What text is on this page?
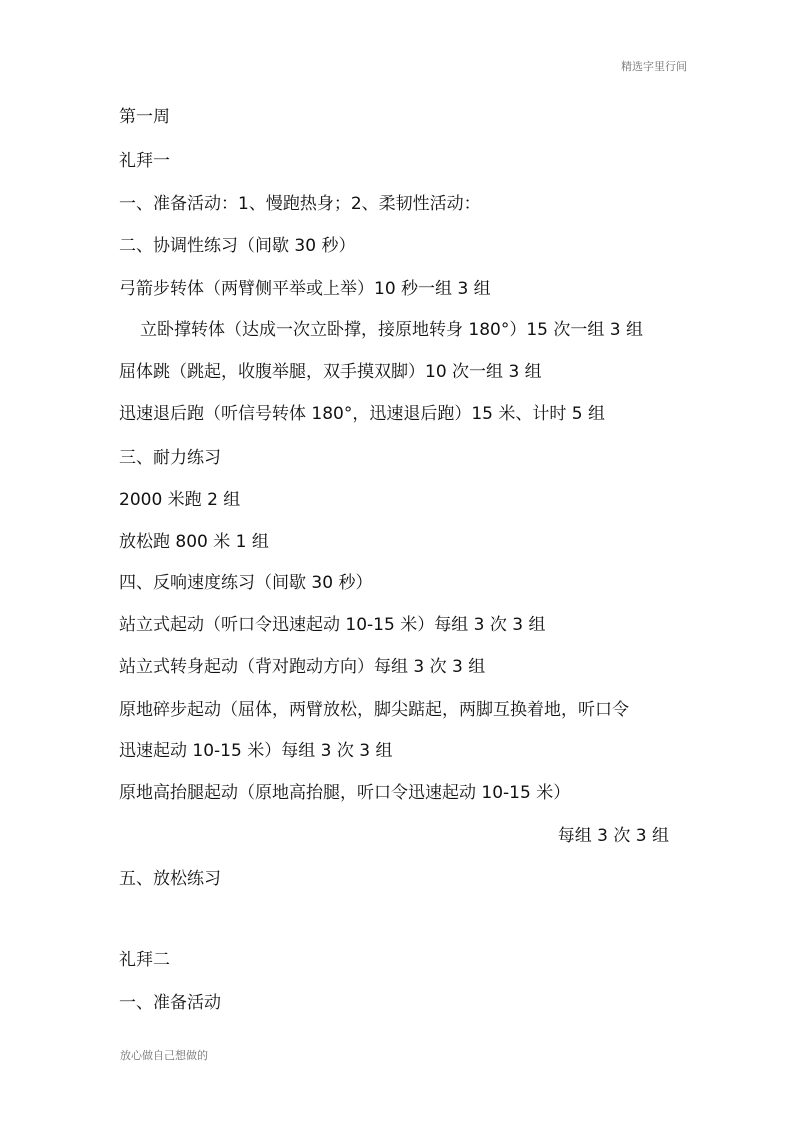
精选字里行间
第一周
礼拜一
一、准备活动：1、慢跑热身；2、柔韧性活动：
二、协调性练习（间歇 30 秒）
弓箭步转体（两臂侧平举或上举）10 秒一组 3 组
立卧撑转体（达成一次立卧撑，接原地转身 180°）15 次一组 3 组
屈体跳（跳起，收腹举腿，双手摸双脚）10 次一组 3 组
迅速退后跑（听信号转体 180°，迅速退后跑）15 米、计时 5 组
三、耐力练习
2000 米跑 2 组
放松跑 800 米 1 组
四、反响速度练习（间歇 30 秒）
站立式起动（听口令迅速起动 10-15 米）每组 3 次 3 组
站立式转身起动（背对跑动方向）每组 3 次 3 组
原地碎步起动（屈体，两臂放松，脚尖踮起，两脚互换着地，听口令
迅速起动 10-15 米）每组 3 次 3 组
原地高抬腿起动（原地高抬腿，听口令迅速起动 10-15 米）
每组 3 次 3 组
五、放松练习
礼拜二
一、准备活动
放心做自己想做的
